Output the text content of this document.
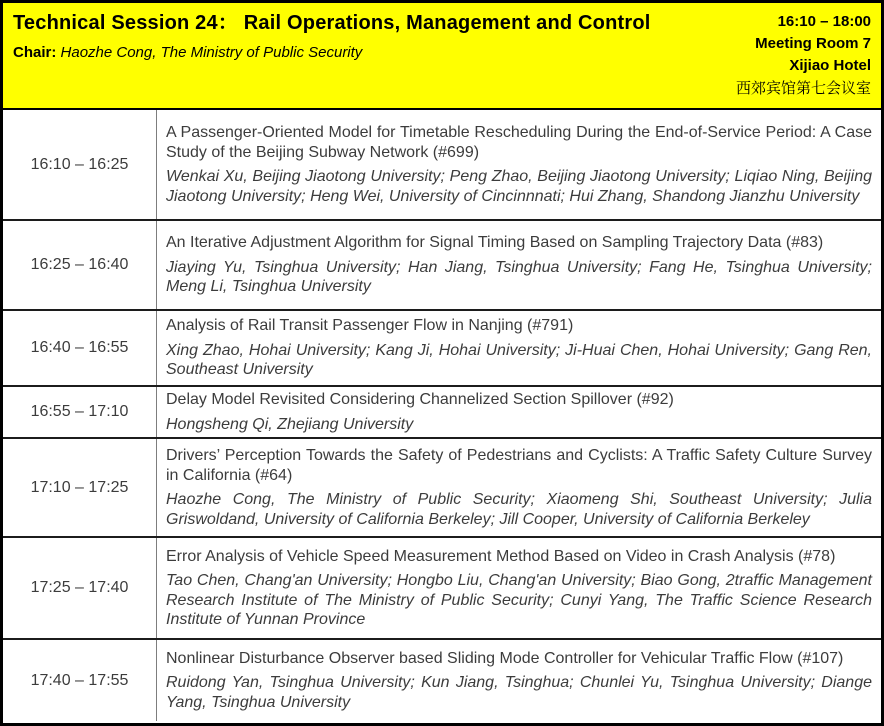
Technical Session 24： Rail Operations, Management and Control
Chair: Haozhe Cong, The Ministry of Public Security
16:10 – 18:00
Meeting Room 7
Xijiao Hotel
西郊宾馆第七会议室
16:10 – 16:25

A Passenger-Oriented Model for Timetable Rescheduling During the End-of-Service Period: A Case Study of the Beijing Subway Network (#699)

Wenkai Xu, Beijing Jiaotong University; Peng Zhao, Beijing Jiaotong University; Liqiao Ning, Beijing Jiaotong University; Heng Wei, University of Cincinnnati; Hui Zhang, Shandong Jianzhu University

16:25 – 16:40

An Iterative Adjustment Algorithm for Signal Timing Based on Sampling Trajectory Data (#83)

Jiaying Yu, Tsinghua University; Han Jiang, Tsinghua University; Fang He, Tsinghua University; Meng Li, Tsinghua University

16:40 – 16:55

Analysis of Rail Transit Passenger Flow in Nanjing (#791)

Xing Zhao, Hohai University; Kang Ji, Hohai University; Ji-Huai Chen, Hohai University; Gang Ren, Southeast University

16:55 – 17:10

Delay Model Revisited Considering Channelized Section Spillover (#92)

Hongsheng Qi, Zhejiang University

17:10 – 17:25

Drivers’ Perception Towards the Safety of Pedestrians and Cyclists: A Traffic Safety Culture Survey in California (#64)

Haozhe Cong, The Ministry of Public Security; Xiaomeng Shi, Southeast University; Julia Griswoldand, University of California Berkeley; Jill Cooper, University of California Berkeley

17:25 – 17:40

Error Analysis of Vehicle Speed Measurement Method Based on Video in Crash Analysis (#78)

Tao Chen, Chang'an University; Hongbo Liu, Chang'an University; Biao Gong, 2traffic Management Research Institute of The Ministry of Public Security; Cunyi Yang, The Traffic Science Research Institute of Yunnan Province

17:40 – 17:55

Nonlinear Disturbance Observer based Sliding Mode Controller for Vehicular Traffic Flow (#107)

Ruidong Yan, Tsinghua University; Kun Jiang, Tsinghua; Chunlei Yu, Tsinghua University; Diange Yang, Tsinghua University
